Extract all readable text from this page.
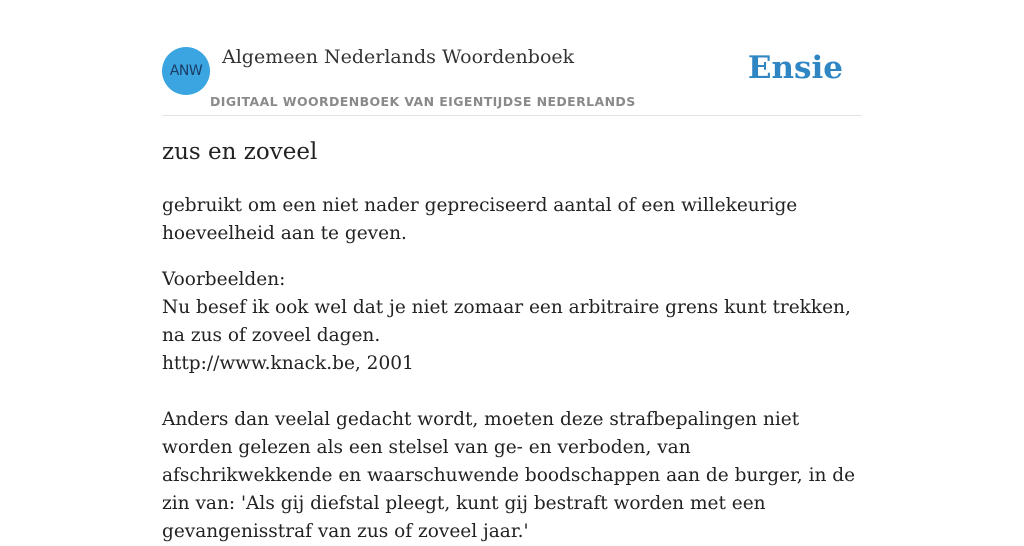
ANW
Algemeen Nederlands Woordenboek
DIGITAAL WOORDENBOEK VAN EIGENTIJDSE NEDERLANDS
Ensie
zus en zoveel

gebruikt om een niet nader gepreciseerd aantal of een willekeurige hoeveelheid aan te geven.

Voorbeelden:
Nu besef ik ook wel dat je niet zomaar een arbitraire grens kunt trekken, na zus of zoveel dagen.
http://www.knack.be, 2001
Anders dan veelal gedacht wordt, moeten deze strafbepalingen niet worden gelezen als een stelsel van ge- en verboden, van afschrikwekkende en waarschuwende boodschappen aan de burger, in de zin van: 'Als gij diefstal pleegt, kunt gij bestraft worden met een gevangenisstraf van zus of zoveel jaar.'
